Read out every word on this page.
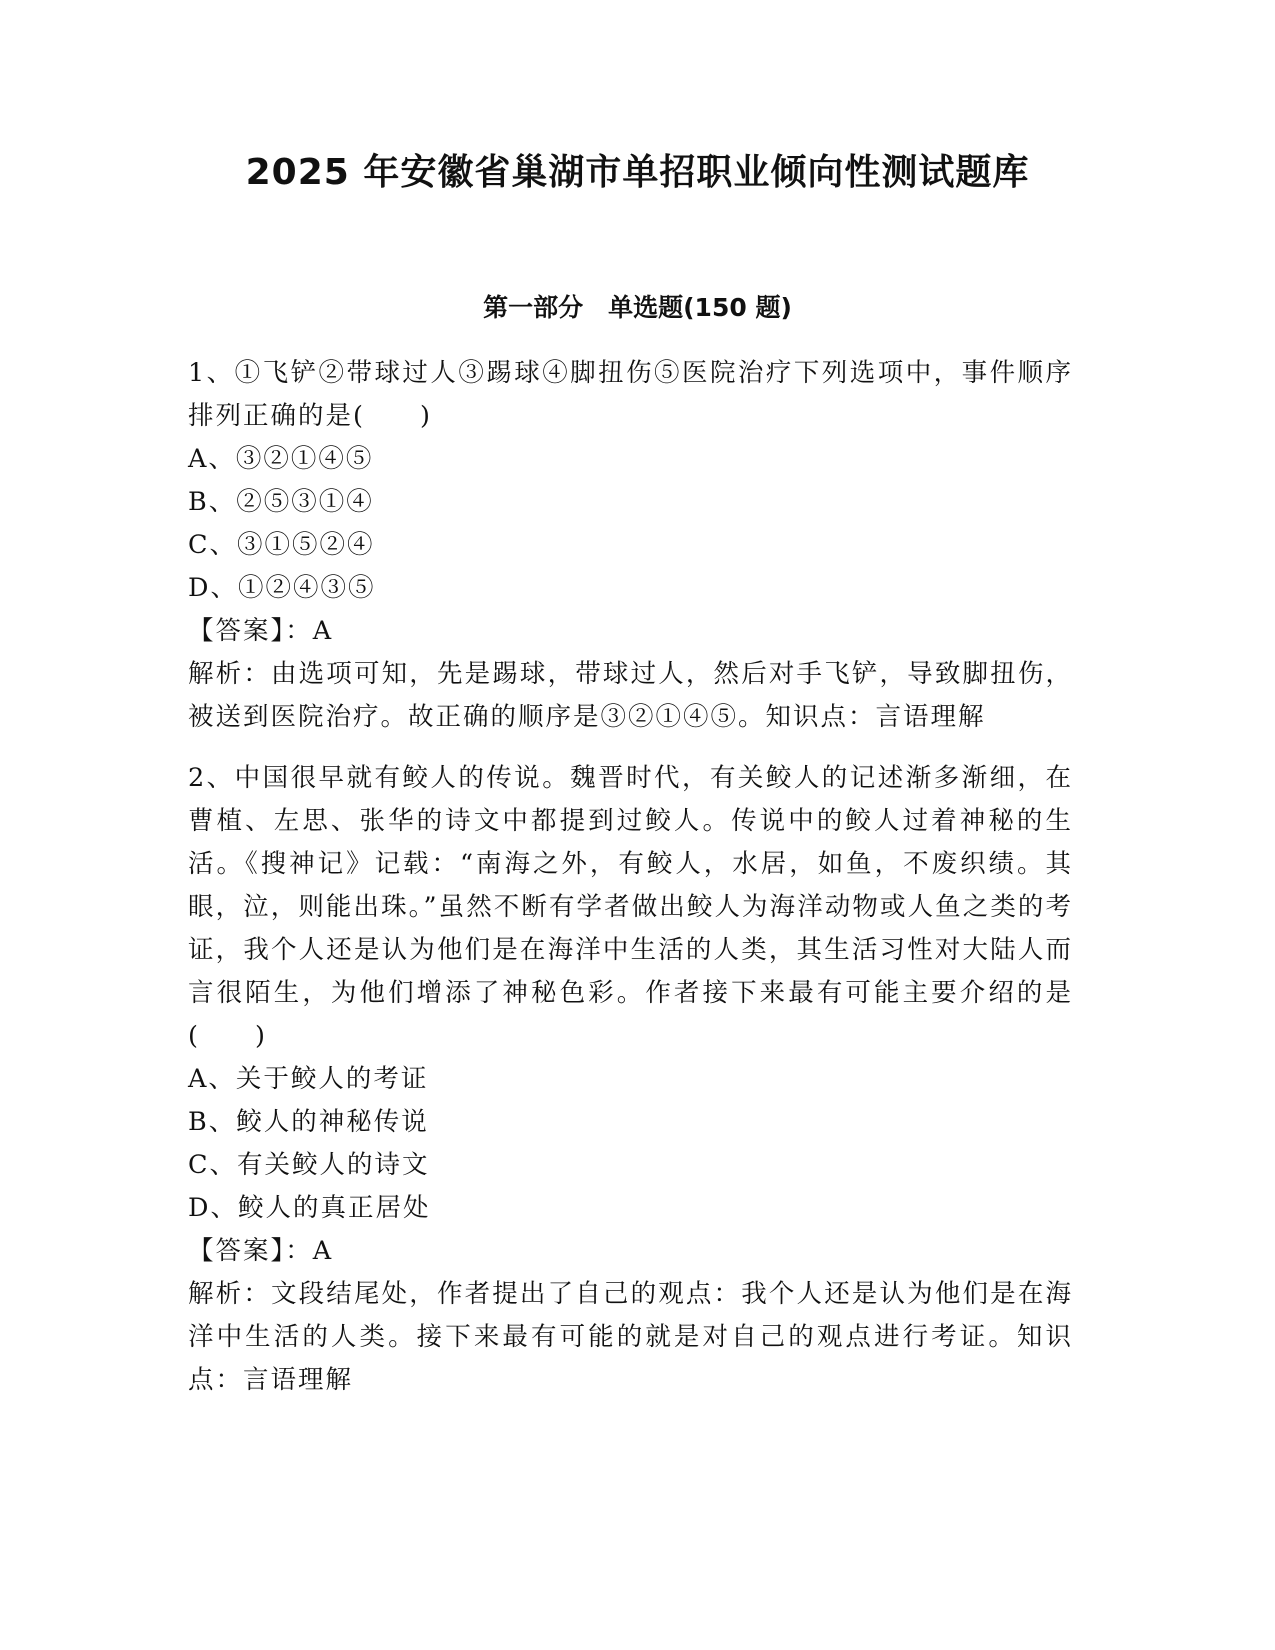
2025 年安徽省巢湖市单招职业倾向性测试题库
第一部分　单选题(150 题)

1、①飞铲②带球过人③踢球④脚扭伤⑤医院治疗下列选项中，事件顺序排列正确的是(　　)

A、③②①④⑤

B、②⑤③①④

C、③①⑤②④

D、①②④③⑤

【答案】：A

解析：由选项可知，先是踢球，带球过人，然后对手飞铲，导致脚扭伤，被送到医院治疗。故正确的顺序是③②①④⑤。知识点：言语理解

2、中国很早就有鲛人的传说。魏晋时代，有关鲛人的记述渐多渐细，在曹植、左思、张华的诗文中都提到过鲛人。传说中的鲛人过着神秘的生活。《搜神记》记载：“南海之外，有鲛人，水居，如鱼，不废织绩。其眼，泣，则能出珠。”虽然不断有学者做出鲛人为海洋动物或人鱼之类的考证，我个人还是认为他们是在海洋中生活的人类，其生活习性对大陆人而言很陌生，为他们增添了神秘色彩。作者接下来最有可能主要介绍的是(　　)

A、关于鲛人的考证

B、鲛人的神秘传说

C、有关鲛人的诗文

D、鲛人的真正居处

【答案】：A

解析：文段结尾处，作者提出了自己的观点：我个人还是认为他们是在海洋中生活的人类。接下来最有可能的就是对自己的观点进行考证。知识点：言语理解
